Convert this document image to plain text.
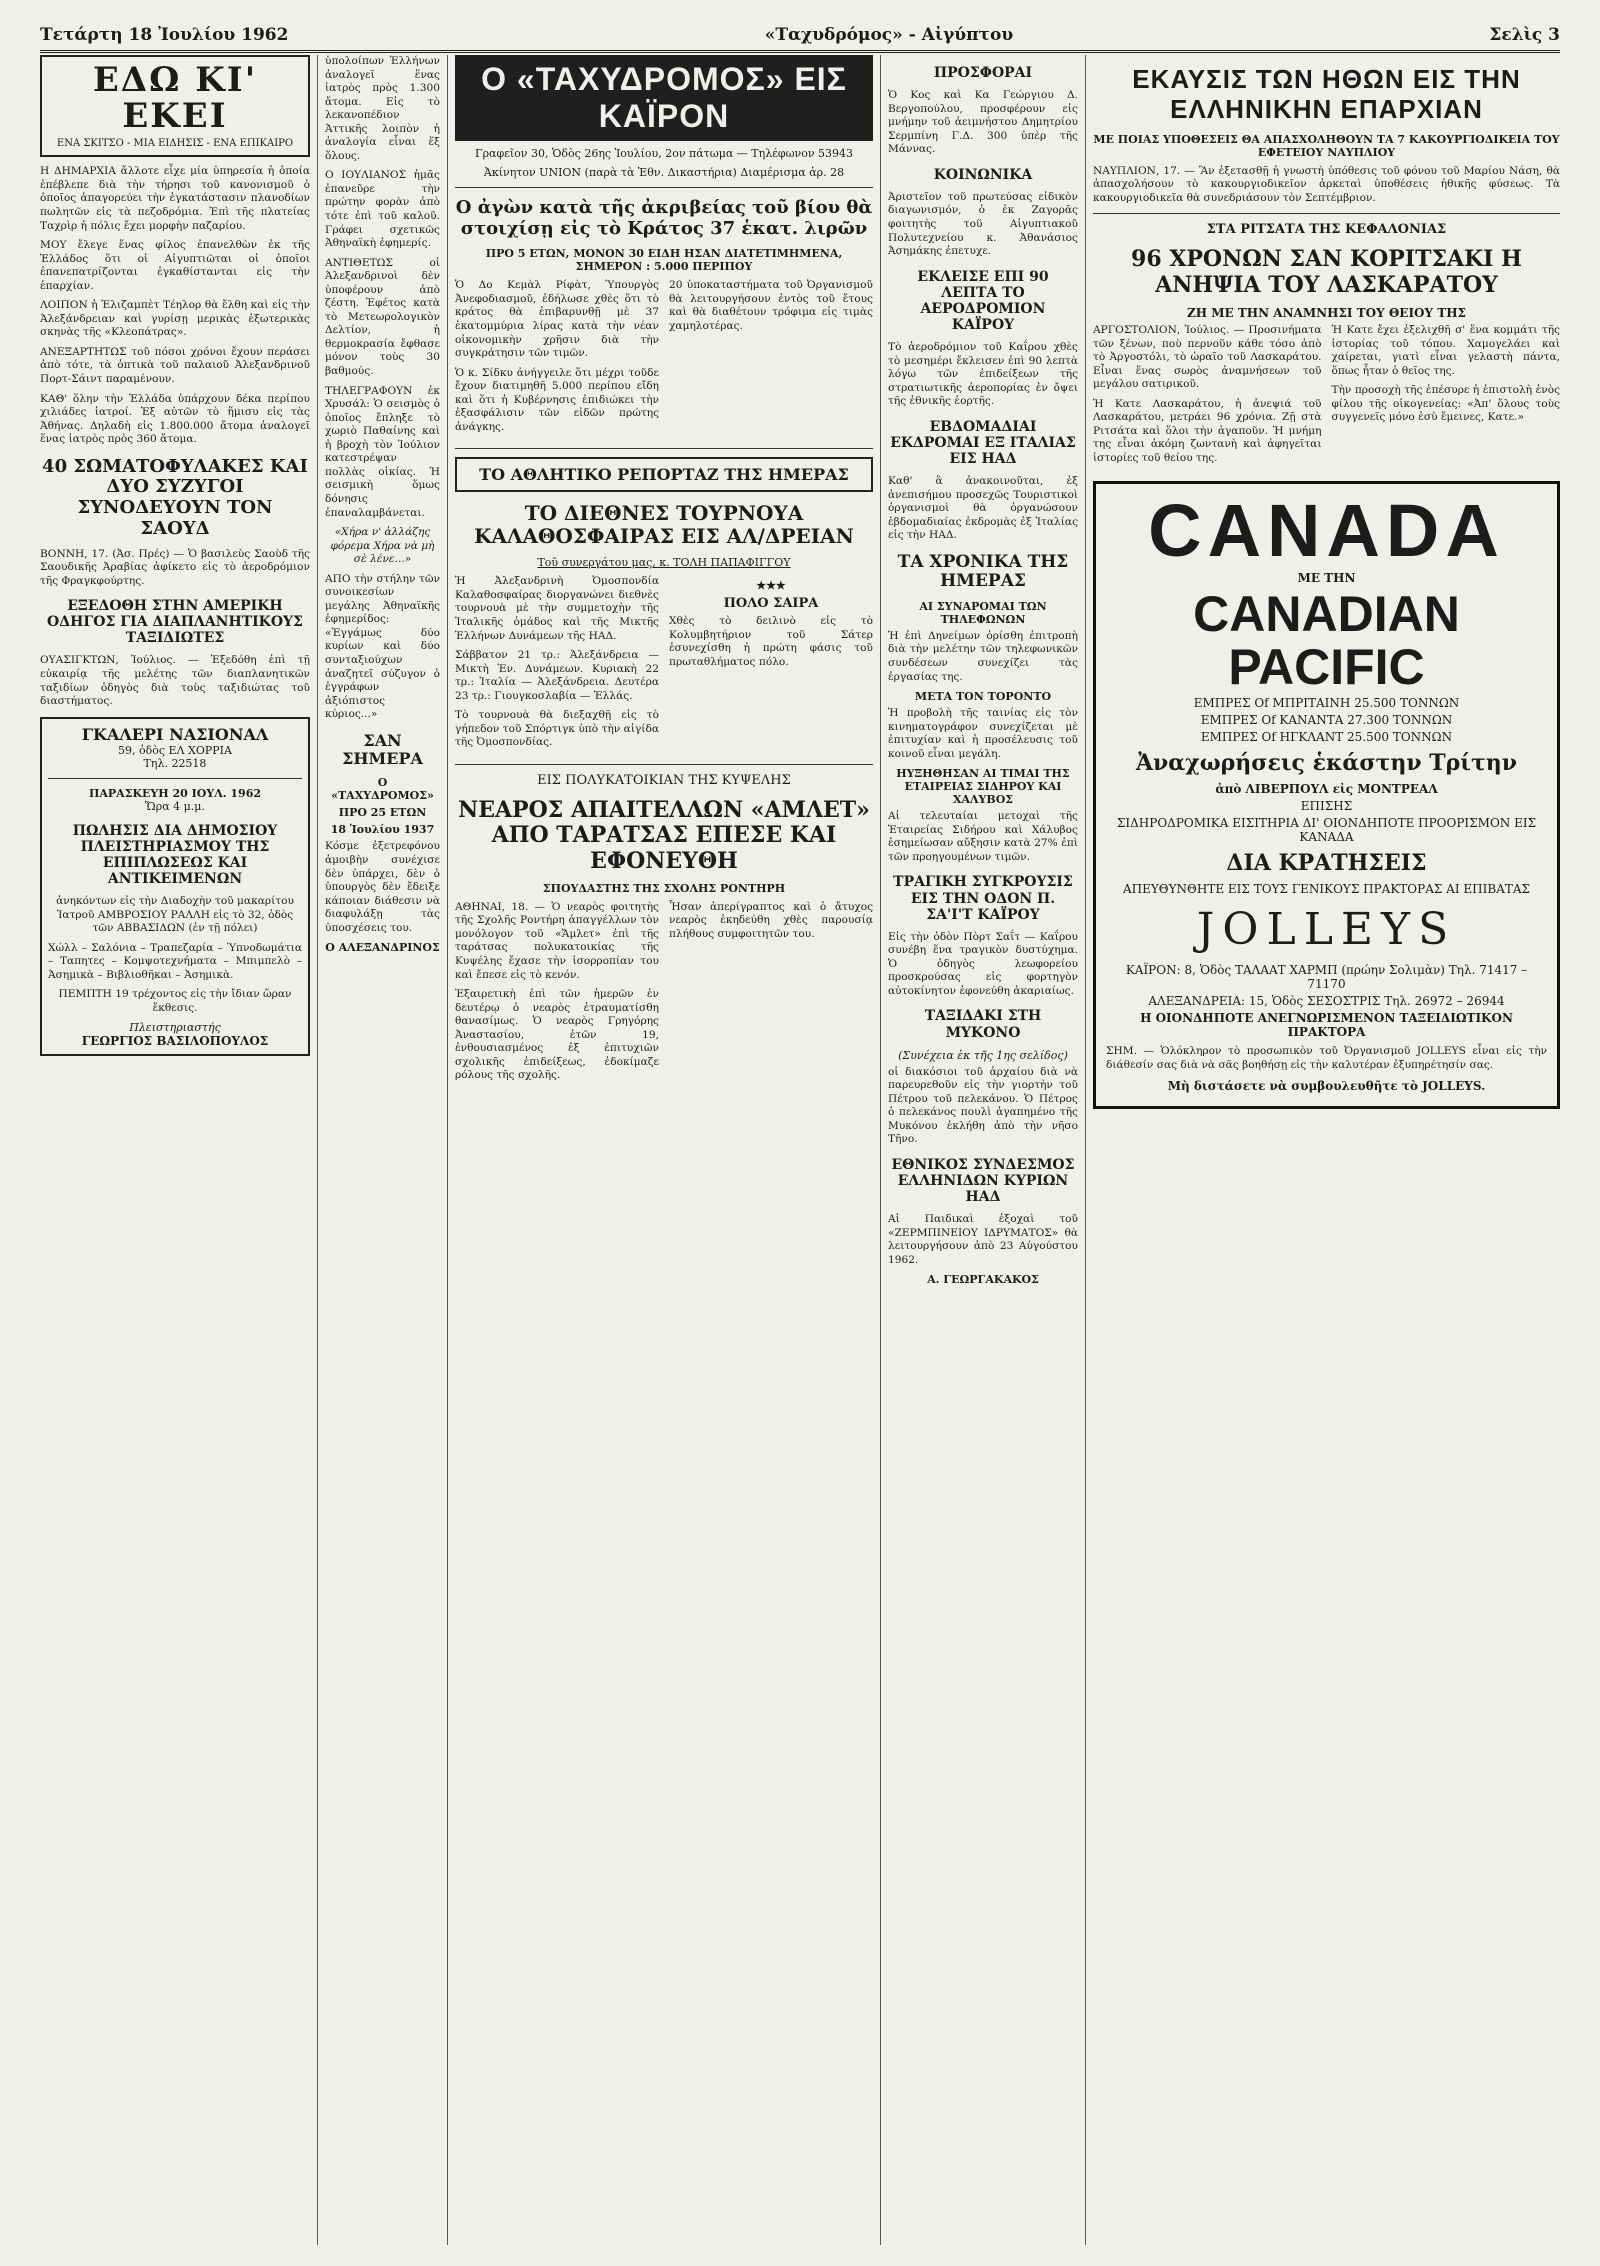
Τετάρτη 18 Ἰουλίου 1962	«Ταχυδρόμος» - Αἰγύπτου	Σελὶς 3
ΕΔΩ ΚΙ' ΕΚΕΙ
ΕΝΑ ΣΚΙΤΣΟ - ΜΙΑ ΕΙΔΗΣΙΣ - ΕΝΑ ΕΠΙΚΑΙΡΟ

Η ΔΗΜΑΡΧΙΑ ἄλλοτε εἶχε μία ὑπηρεσία ἡ ὁποία ἐπέβλεπε διὰ τὴν τήρησι τοῦ κανονισμοῦ ὁ ὁποῖος ἀπαγορεύει τὴν ἐγκατάστασιν πλανοδίων πωλητῶν εἰς τὰ πεζοδρόμια. Ἐπὶ τῆς πλατείας Ταχρὶρ ἡ πόλις ἔχει μορφὴν παζαρίου.

ΜΟΥ ἔλεγε ἕνας φίλος ἐπανελθὼν ἐκ τῆς Ἑλλάδος ὅτι οἱ Αἰγυπτιῶται οἱ ὁποῖοι ἐπανεπατρίζονται ἐγκαθίστανται εἰς τὴν ἐπαρχίαν.

ΛΟΙΠΟΝ ἡ Ἐλιζαμπὲτ Τέηλορ θὰ ἔλθη καὶ εἰς τὴν Ἀλεξάνδρειαν καὶ γυρίσῃ μερικὰς ἐξωτερικὰς σκηνὰς τῆς «Κλεοπάτρας».

ΑΝΕΞΑΡΤΗΤΩΣ τοῦ πόσοι χρόνοι ἔχουν περάσει ἀπὸ τότε, τὰ ὀπτικὰ τοῦ παλαιοῦ Ἀλεξανδρινοῦ Πορτ-Σάιντ παραμένουν.

ΚΑΘ' ὅλην τὴν Ἑλλάδα ὑπάρχουν δέκα περίπου χιλιάδες ἰατροί. Ἐξ αὐτῶν τὸ ἥμισυ εἰς τὰς Ἀθήνας. Δηλαδὴ εἰς 1.800.000 ἄτομα ἀναλογεῖ ἕνας ἰατρὸς πρὸς 360 ἄτομα.

40 ΣΩΜΑΤΟΦΥΛΑΚΕΣ ΚΑΙ ΔΥΟ ΣΥΖΥΓΟΙ ΣΥΝΟΔΕΥΟΥΝ ΤΟΝ ΣΑΟΥΔ

ΒΟΝΝΗ, 17. (Ἀσ. Πρές) — Ὁ βασιλεὺς Σαοὺδ τῆς Σαουδικῆς Ἀραβίας ἀφίκετο εἰς τὸ ἀεροδρόμιον τῆς Φραγκφούρτης.

ΕΞΕΔΟΘΗ ΣΤΗΝ ΑΜΕΡΙΚΗ ΟΔΗΓΟΣ ΓΙΑ ΔΙΑΠΛΑΝΗΤΙΚΟΥΣ ΤΑΞΙΔΙΩΤΕΣ

ΟΥΑΣΙΓΚΤΩΝ, Ἰούλιος. — Ἐξεδόθη ἐπὶ τῇ εὐκαιρίᾳ τῆς μελέτης τῶν διαπλανητικῶν ταξιδίων ὁδηγὸς διὰ τοὺς ταξιδιώτας τοῦ διαστήματος.

ΓΚΑΛΕΡΙ ΝΑΣΙΟΝΑΛ
59, ὁδὸς ΕΛ ΧΟΡΡΙΑ
Τηλ. 22518
ΠΑΡΑΣΚΕΥΗ 20 ΙΟΥΛ. 1962
Ὥρα 4 μ.μ.
ΠΩΛΗΣΙΣ ΔΙΑ ΔΗΜΟΣΙΟΥ ΠΛΕΙΣΤΗΡΙΑΣΜΟΥ ΤΗΣ ΕΠΙΠΛΩΣΕΩΣ ΚΑΙ ΑΝΤΙΚΕΙΜΕΝΩΝ

ἀνηκόντων εἰς τὴν Διαδοχὴν τοῦ μακαρίτου Ἰατροῦ ΑΜΒΡΟΣΙΟΥ ΡΑΛΛΗ εἰς τὸ 32, ὁδὸς τῶν ΑΒΒΑΣΙΔΩΝ (ἐν τῇ πόλει)

Χώλλ – Σαλόνια – Τραπεζαρία – Ὑπνοδωμάτια – Ταπητες – Κομψοτεχνήματα – Μπιμπελὸ – Ἀσημικὰ – Βιβλιοθῆκαι – Ἀσημικὰ.

ΠΕΜΠΤΗ 19 τρέχοντος εἰς τὴν ἴδιαν ὥραν ἔκθεσις.

Πλειστηριαστής
ΓΕΩΡΓΙΟΣ ΒΑΣΙΛΟΠΟΥΛΟΣ

ὑπολοίπων Ἑλλήνων ἀναλογεῖ ἕνας ἰατρὸς πρὸς 1.300 ἄτομα. Εἰς τὸ λεκανοπέδιον Ἀττικῆς λοιπὸν ἡ ἀναλογία εἶναι ἕξ ὅλους.

Ο ΙΟΥΛΙΑΝΟΣ ἡμᾶς ἐπανεῦρε τὴν πρώτην φορὰν ἀπὸ τότε ἐπὶ τοῦ καλοῦ. Γράφει σχετικῶς Ἀθηναϊκὴ ἐφημερίς.

ΑΝΤΙΘΕΤΩΣ οἱ Ἀλεξανδρινοὶ δὲν ὑποφέρουν ἀπὸ ζέστη. Ἐφέτος κατὰ τὸ Μετεωρολογικὸν Δελτίον, ἡ θερμοκρασία ἔφθασε μόνον τοὺς 30 βαθμούς.

ΤΗΛΕΓΡΑΦΟΥΝ ἐκ Χρυσάλ: Ὁ σεισμὸς ὁ ὁποῖος ἔπληξε τὸ χωριὸ Παθαίνης καὶ ἡ βροχὴ τὸν Ἰούλιον κατεστρέψαν πολλὰς οἰκίας. Ἡ σεισμικὴ ὅμως δόνησις ἐπαναλαμβάνεται.

«Χήρα ν' ἀλλάζης φόρεμα Χήρα νὰ μὴ σὲ λένε...»

ΑΠΟ τὴν στήλην τῶν συνοικεσίων μεγάλης Ἀθηναϊκῆς ἐφημερίδος: «Ἐγγάμως δύο κυρίων καὶ δύο συνταξιούχων ἀναζητεῖ σύζυγον ὁ ἐγγράφων ἀξιόπιστος κύριος...»

ΣΑΝ ΣΗΜΕΡΑ
Ο «ΤΑΧΥΔΡΟΜΟΣ»
ΠΡΟ 25 ΕΤΩΝ
18 Ἰουλίου 1937

Κόσμε ἐξετρεφόνου ἀμοιβὴν συνέχισε δὲν ὑπάρχει, δὲν ὁ ὑπουργὸς δὲν ἔδειξε κάποιαν διάθεσιν νὰ διαφυλάξῃ τὰς ὑποσχέσεις του.

Ο ΑΛΕΞΑΝΔΡΙΝΟΣ
Ο «ΤΑΧΥΔΡΟΜΟΣ» ΕΙΣ ΚΑΪΡΟΝ
Γραφεῖον 30, Ὁδὸς 26ης Ἰουλίου, 2ον πάτωμα — Τηλέφωνον 53943
Ἀκίνητον UNION (παρὰ τὰ Ἐθν. Δικαστήρια) Διαμέρισμα ἀρ. 28
Ο ἀγὼν κατὰ τῆς ἀκριβείας τοῦ βίου θὰ στοιχίσῃ εἰς τὸ Κράτος 37 ἑκατ. λιρῶν
ΠΡΟ 5 ΕΤΩΝ, ΜΟΝΟΝ 30 ΕΙΔΗ ΗΣΑΝ ΔΙΑΤΕΤΙΜΗΜΕΝΑ, ΣΗΜΕΡΟΝ : 5.000 ΠΕΡΙΠΟΥ

Ὁ Δο Κεμὰλ Ρίφὰτ, Ὑπουργὸς Ἀνεφοδιασμοῦ, ἐδήλωσε χθὲς ὅτι τὸ κράτος θὰ ἐπιβαρυνθῇ μὲ 37 ἑκατομμύρια λίρας κατὰ τὴν νέαν οἰκονομικὴν χρῆσιν διὰ τὴν συγκράτησιν τῶν τιμῶν.

Ὁ κ. Σίδκυ ἀνήγγειλε ὅτι μέχρι τοῦδε ἔχουν διατιμηθῆ 5.000 περίπου εἴδη καὶ ὅτι ἡ Κυβέρνησις ἐπιδιώκει τὴν ἐξασφάλισιν τῶν εἰδῶν πρώτης ἀνάγκης.

20 ὑποκαταστήματα τοῦ Ὀργανισμοῦ θὰ λειτουργήσουν ἐντὸς τοῦ ἔτους καὶ θὰ διαθέτουν τρόφιμα εἰς τιμὰς χαμηλοτέρας.

ΤΟ ΑΘΛΗΤΙΚΟ ΡΕΠΟΡΤΑΖ ΤΗΣ ΗΜΕΡΑΣ
ΤΟ ΔΙΕΘΝΕΣ ΤΟΥΡΝΟΥΑ ΚΑΛΑΘΟΣΦΑΙΡΑΣ ΕΙΣ ΑΛ/ΔΡΕΙΑΝ
Τοῦ συνεργάτου μας, κ. ΤΟΛΗ ΠΑΠΑΦΙΓΓΟΥ

Ἡ Ἀλεξανδρινὴ Ὀμοσπονδία Καλαθοσφαίρας διοργανώνει διεθνὲς τουρνουὰ μὲ τὴν συμμετοχὴν τῆς Ἰταλικῆς ὁμάδος καὶ τῆς Μικτῆς Ἑλλήνων Δυνάμεων τῆς ΗΑΔ.

Σάββατον 21 τρ.: Ἀλεξάνδρεια — Μικτὴ Ἐν. Δυνάμεων. Κυριακὴ 22 τρ.: Ἰταλία — Ἀλεξάνδρεια. Δευτέρα 23 τρ.: Γιουγκοσλαβία — Ἑλλάς.

Τὸ τουρνουὰ θὰ διεξαχθῇ εἰς τὸ γήπεδον τοῦ Σπόρτιγκ ὑπὸ τὴν αἰγίδα τῆς Ὀμοσπονδίας.

★★★
ΠΟΛΟ ΣΑΙΡΑ

Χθὲς τὸ δειλινὸ εἰς τὸ Κολυμβητήριον τοῦ Σάτερ ἐσυνεχίσθη ἡ πρώτη φάσις τοῦ πρωταθλήματος πόλο.

ΕΙΣ ΠΟΛΥΚΑΤΟΙΚΙΑΝ ΤΗΣ ΚΥΨΕΛΗΣ
ΝΕΑΡΟΣ ΑΠΑΙΤΕΛΛΩΝ «ΑΜΛΕΤ» ΑΠΟ ΤΑΡΑΤΣΑΣ ΕΠΕΣΕ ΚΑΙ ΕΦΟΝΕΥΘΗ
ΣΠΟΥΔΑΣΤΗΣ ΤΗΣ ΣΧΟΛΗΣ ΡΟΝΤΗΡΗ

ΑΘΗΝΑΙ, 18. — Ὁ νεαρὸς φοιτητὴς τῆς Σχολῆς Ροντήρη ἀπαγγέλλων τὸν μονόλογον τοῦ «Ἄμλετ» ἐπὶ τῆς ταράτσας πολυκατοικίας τῆς Κυψέλης ἔχασε τὴν ἰσορροπίαν του καὶ ἔπεσε εἰς τὸ κενόν.

Ἐξαιρετικὴ ἐπὶ τῶν ἡμερῶν ἐν δευτέρῳ ὁ νεαρὸς ἐτραυματίσθη θανασίμως. Ὁ νεαρὸς Γρηγόρης Ἀναστασίου, ἐτῶν 19, ἐνθουσιασμένος ἐξ ἐπιτυχιῶν σχολικῆς ἐπιδείξεως, ἐδοκίμαζε ρόλους τῆς σχολῆς.

Ἦσαν ἀπερίγραπτος καὶ ὁ ἄτυχος νεαρὸς ἐκηδεύθη χθὲς παρουσίᾳ πλήθους συμφοιτητῶν του.

ΠΡΟΣΦΟΡΑΙ

Ὁ Κος καὶ Κα Γεώργιου Δ. Βεργοπούλου, προσφέρουν εἰς μνήμην τοῦ ἀειμνήστου Δημητρίου Σερμπίνη Γ.Δ. 300 ὑπὲρ τῆς Μάννας.

ΚΟΙΝΩΝΙΚΑ

Ἀριστεῖον τοῦ πρωτεύσας εἰδικὸν διαγωνισμόν, ὁ ἐκ Ζαγορᾶς φοιτητὴς τοῦ Αἰγυπτιακοῦ Πολυτεχνείου κ. Ἀθανάσιος Ἀσημάκης ἐπετυχε.

ΕΚΛΕΙΣΕ ΕΠΙ 90 ΛΕΠΤΑ ΤΟ ΑΕΡΟΔΡΟΜΙΟΝ ΚΑΪΡΟΥ

Τὸ ἀεροδρόμιον τοῦ Καΐρου χθὲς τὸ μεσημέρι ἔκλεισεν ἐπὶ 90 λεπτὰ λόγω τῶν ἐπιδείξεων τῆς στρατιωτικῆς ἀεροπορίας ἐν ὄψει τῆς ἐθνικῆς ἑορτῆς.

ΕΒΔΟΜΑΔΙΑΙ ΕΚΔΡΟΜΑΙ ΕΞ ΙΤΑΛΙΑΣ ΕΙΣ ΗΑΔ

Καθ' ἃ ἀνακοινοῦται, ἐξ ἀνεπισήμου προσεχῶς Τουριστικοὶ ὀργανισμοὶ θὰ ὀργανώσουν ἑβδομαδιαίας ἐκδρομὰς ἐξ Ἰταλίας εἰς τὴν ΗΑΔ.

ΤΑ ΧΡΟΝΙΚΑ ΤΗΣ ΗΜΕΡΑΣ
ΑΙ ΣΥΝΑΡΟΜΑΙ ΤΩΝ ΤΗΛΕΦΩΝΩΝ

Ἡ ἐπὶ Δηνείμων ὁρίσθη ἐπιτροπὴ διὰ τὴν μελέτην τῶν τηλεφωνικῶν συνδέσεων συνεχίζει τὰς ἐργασίας της.

ΜΕΤΑ ΤΟΝ ΤΟΡΟΝΤΟ

Ἡ προβολὴ τῆς ταινίας εἰς τὸν κινηματογράφον συνεχίζεται μὲ ἐπιτυχίαν καὶ ἡ προσέλευσις τοῦ κοινοῦ εἶναι μεγάλη.

ΗΥΞΗΘΗΣΑΝ ΑΙ ΤΙΜΑΙ ΤΗΣ ΕΤΑΙΡΕΙΑΣ ΣΙΔΗΡΟΥ ΚΑΙ ΧΑΛΥΒΟΣ

Αἱ τελευταίαι μετοχαὶ τῆς Ἑταιρείας Σιδήρου καὶ Χάλυβος ἐσημείωσαν αὔξησιν κατὰ 27% ἐπὶ τῶν προηγουμένων τιμῶν.

ΤΡΑΓΙΚΗ ΣΥΓΚΡΟΥΣΙΣ ΕΙΣ ΤΗΝ ΟΔΟΝ Π. ΣΑ'Ι'Τ ΚΑΪΡΟΥ

Εἰς τὴν ὁδὸν Πὸρτ Σαΐτ — Καΐρου συνέβη ἕνα τραγικὸν δυστύχημα. Ὁ ὁδηγὸς λεωφορείου προσκρούσας εἰς φορτηγὸν αὐτοκίνητον ἐφονεύθη ἀκαριαίως.

ΤΑΞΙΔΑΚΙ ΣΤΗ ΜΥΚΟΝΟ
(Συνέχεια ἐκ τῆς 1ης σελίδος)

οἱ διακόσιοι τοῦ ἀρχαίου διὰ νὰ παρευρεθοῦν εἰς τὴν γιορτὴν τοῦ Πέτρου τοῦ πελεκάνου. Ὁ Πέτρος ὁ πελεκάνος πουλὶ ἀγαπημένο τῆς Μυκόνου ἐκλήθη ἀπὸ τὴν νῆσο Τῆνο.

ΕΘΝΙΚΟΣ ΣΥΝΔΕΣΜΟΣ ΕΛΛΗΝΙΔΩΝ ΚΥΡΙΩΝ ΗΑΔ

Αἱ Παιδικαὶ ἐξοχαὶ τοῦ «ΖΕΡΜΠΙΝΕΙΟΥ ΙΔΡΥΜΑΤΟΣ» θὰ λειτουργήσουν ἀπὸ 23 Αὐγούστου 1962.

Α. ΓΕΩΡΓΑΚΑΚΟΣ
ΕΚΑΥΣΙΣ ΤΩΝ ΗΘΩΝ ΕΙΣ ΤΗΝ ΕΛΛΗΝΙΚΗΝ ΕΠΑΡΧΙΑΝ
ΜΕ ΠΟΙΑΣ ΥΠΟΘΕΣΕΙΣ ΘΑ ΑΠΑΣΧΟΛΗΘΟΥΝ ΤΑ 7 ΚΑΚΟΥΡΓΙΟΔΙΚΕΙΑ ΤΟΥ ΕΦΕΤΕΙΟΥ ΝΑΥΠΛΙΟΥ

ΝΑΥΠΛΙΟΝ, 17. — Ἂν ἐξετασθῇ ἡ γνωστὴ ὑπόθεσις τοῦ φόνου τοῦ Μαρίου Νάση, θὰ ἀπασχολήσουν τὸ κακουργιοδικεῖον ἀρκεταὶ ὑποθέσεις ἠθικῆς φύσεως. Τὰ κακουργιοδικεῖα θὰ συνεδριάσουν τὸν Σεπτέμβριον.

ΣΤΑ ΡΙΤΣΑΤΑ ΤΗΣ ΚΕΦΑΛΟΝΙΑΣ
96 ΧΡΟΝΩΝ ΣΑΝ ΚΟΡΙΤΣΑΚΙ Η ΑΝΗΨΙΑ ΤΟΥ ΛΑΣΚΑΡΑΤΟΥ
ΖΗ ΜΕ ΤΗΝ ΑΝΑΜΝΗΣΙ ΤΟΥ ΘΕΙΟΥ ΤΗΣ

ΑΡΓΟΣΤΟΛΙΟΝ, Ἰούλιος. — Προσινήματα τῶν ξένων, ποὺ περνοῦν κάθε τόσο ἀπὸ τὸ Ἀργοστόλι, τὸ ὡραῖο τοῦ Λασκαράτου. Εἶναι ἕνας σωρὸς ἀναμνήσεων τοῦ μεγάλου σατιρικοῦ.

Ἡ Κατε Λασκαράτου, ἡ ἀνεψιά τοῦ Λασκαράτου, μετράει 96 χρόνια. Ζῇ στὰ Ριτσάτα καὶ ὅλοι τὴν ἀγαποῦν. Ἡ μνήμη της εἶναι ἀκόμη ζωντανὴ καὶ ἀφηγεῖται ἱστορίες τοῦ θείου της.

Ἡ Κατε ἔχει ἐξελιχθῆ σ' ἕνα κομμάτι τῆς ἱστορίας τοῦ τόπου. Χαμογελάει καὶ χαίρεται, γιατὶ εἶναι γελαστὴ πάντα, ὅπως ἦταν ὁ θεῖος της.

Τὴν προσοχὴ τῆς ἐπέσυρε ἡ ἐπιστολὴ ἑνὸς φίλου τῆς οἰκογενείας: «Ἀπ' ὅλους τοὺς συγγενεῖς μόνο ἐσὺ ἔμεινες, Κατε.»

CANADA
ΜΕ ΤΗΝ
CANADIAN PACIFIC
ΕΜΠΡΕΣ Of ΜΠΡΙΤΑΙΝΗ 25.500 ΤΟΝΝΩΝ
ΕΜΠΡΕΣ Of ΚΑΝΑΝΤΑ 27.300 ΤΟΝΝΩΝ
ΕΜΠΡΕΣ Of ΗΓΚΛΑΝΤ 25.500 ΤΟΝΝΩΝ
Ἀναχωρήσεις ἑκάστην Τρίτην
ἀπὸ ΛΙΒΕΡΠΟΥΛ εἰς ΜΟΝΤΡΕΑΛ
ΕΠΙΣΗΣ
ΣΙΔΗΡΟΔΡΟΜΙΚΑ ΕΙΣΙΤΗΡΙΑ ΔΙ' ΟΙΟΝΔΗΠΟΤΕ ΠΡΟΟΡΙΣΜΟΝ ΕΙΣ ΚΑΝΑΔΑ
ΔΙΑ ΚΡΑΤΗΣΕΙΣ
ΑΠΕΥΘΥΝΘΗΤΕ ΕΙΣ ΤΟΥΣ ΓΕΝΙΚΟΥΣ ΠΡΑΚΤΟΡΑΣ ΑΙ ΕΠΙΒΑΤΑΣ
JOLLEYS
ΚΑΪΡΟΝ: 8, Ὁδὸς ΤΑΛΑΑΤ ΧΑΡΜΠ (πρώην Σολιμὰν) Τηλ. 71417 – 71170
ΑΛΕΞΑΝΔΡΕΙΑ: 15, Ὁδὸς ΣΕΣΟΣΤΡΙΣ Τηλ. 26972 – 26944
Η ΟΙΟΝΔΗΠΟΤΕ ΑΝΕΓΝΩΡΙΣΜΕΝΟΝ ΤΑΞΕΙΔΙΩΤΙΚΟΝ ΠΡΑΚΤΟΡΑ

ΣΗΜ. — Ὁλόκληρον τὸ προσωπικὸν τοῦ Ὀργανισμοῦ JOLLEYS εἶναι εἰς τὴν διάθεσίν σας διὰ νὰ σᾶς βοηθήσῃ εἰς τὴν καλυτέραν ἐξυπηρέτησίν σας.

Μὴ διστάσετε νὰ συμβουλευθῆτε τὸ JOLLEYS.
